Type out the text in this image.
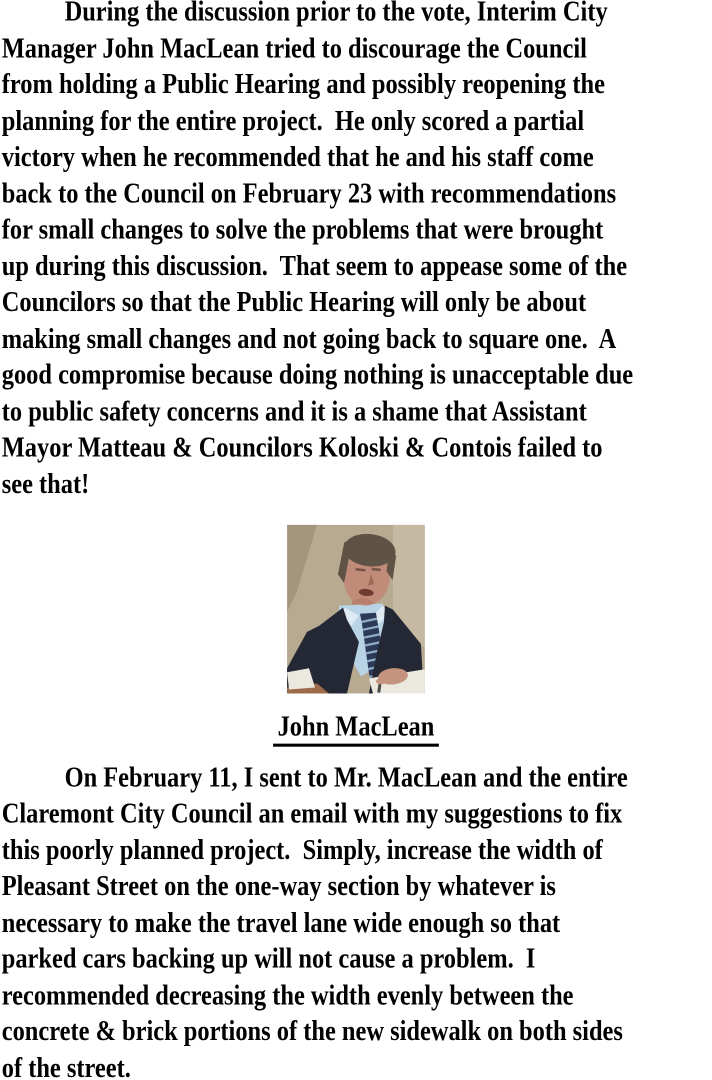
During the discussion prior to the vote, Interim City
Manager John MacLean tried to discourage the Council
from holding a Public Hearing and possibly reopening the
planning for the entire project.  He only scored a partial
victory when he recommended that he and his staff come
back to the Council on February 23 with recommendations
for small changes to solve the problems that were brought
up during this discussion.  That seem to appease some of the
Councilors so that the Public Hearing will only be about
making small changes and not going back to square one.  A
good compromise because doing nothing is unacceptable due
to public safety concerns and it is a shame that Assistant
Mayor Matteau & Councilors Koloski & Contois failed to
see that!
John MacLean
On February 11, I sent to Mr. MacLean and the entire
Claremont City Council an email with my suggestions to fix
this poorly planned project.  Simply, increase the width of
Pleasant Street on the one-way section by whatever is
necessary to make the travel lane wide enough so that
parked cars backing up will not cause a problem.  I
recommended decreasing the width evenly between the
concrete & brick portions of the new sidewalk on both sides
of the street.
